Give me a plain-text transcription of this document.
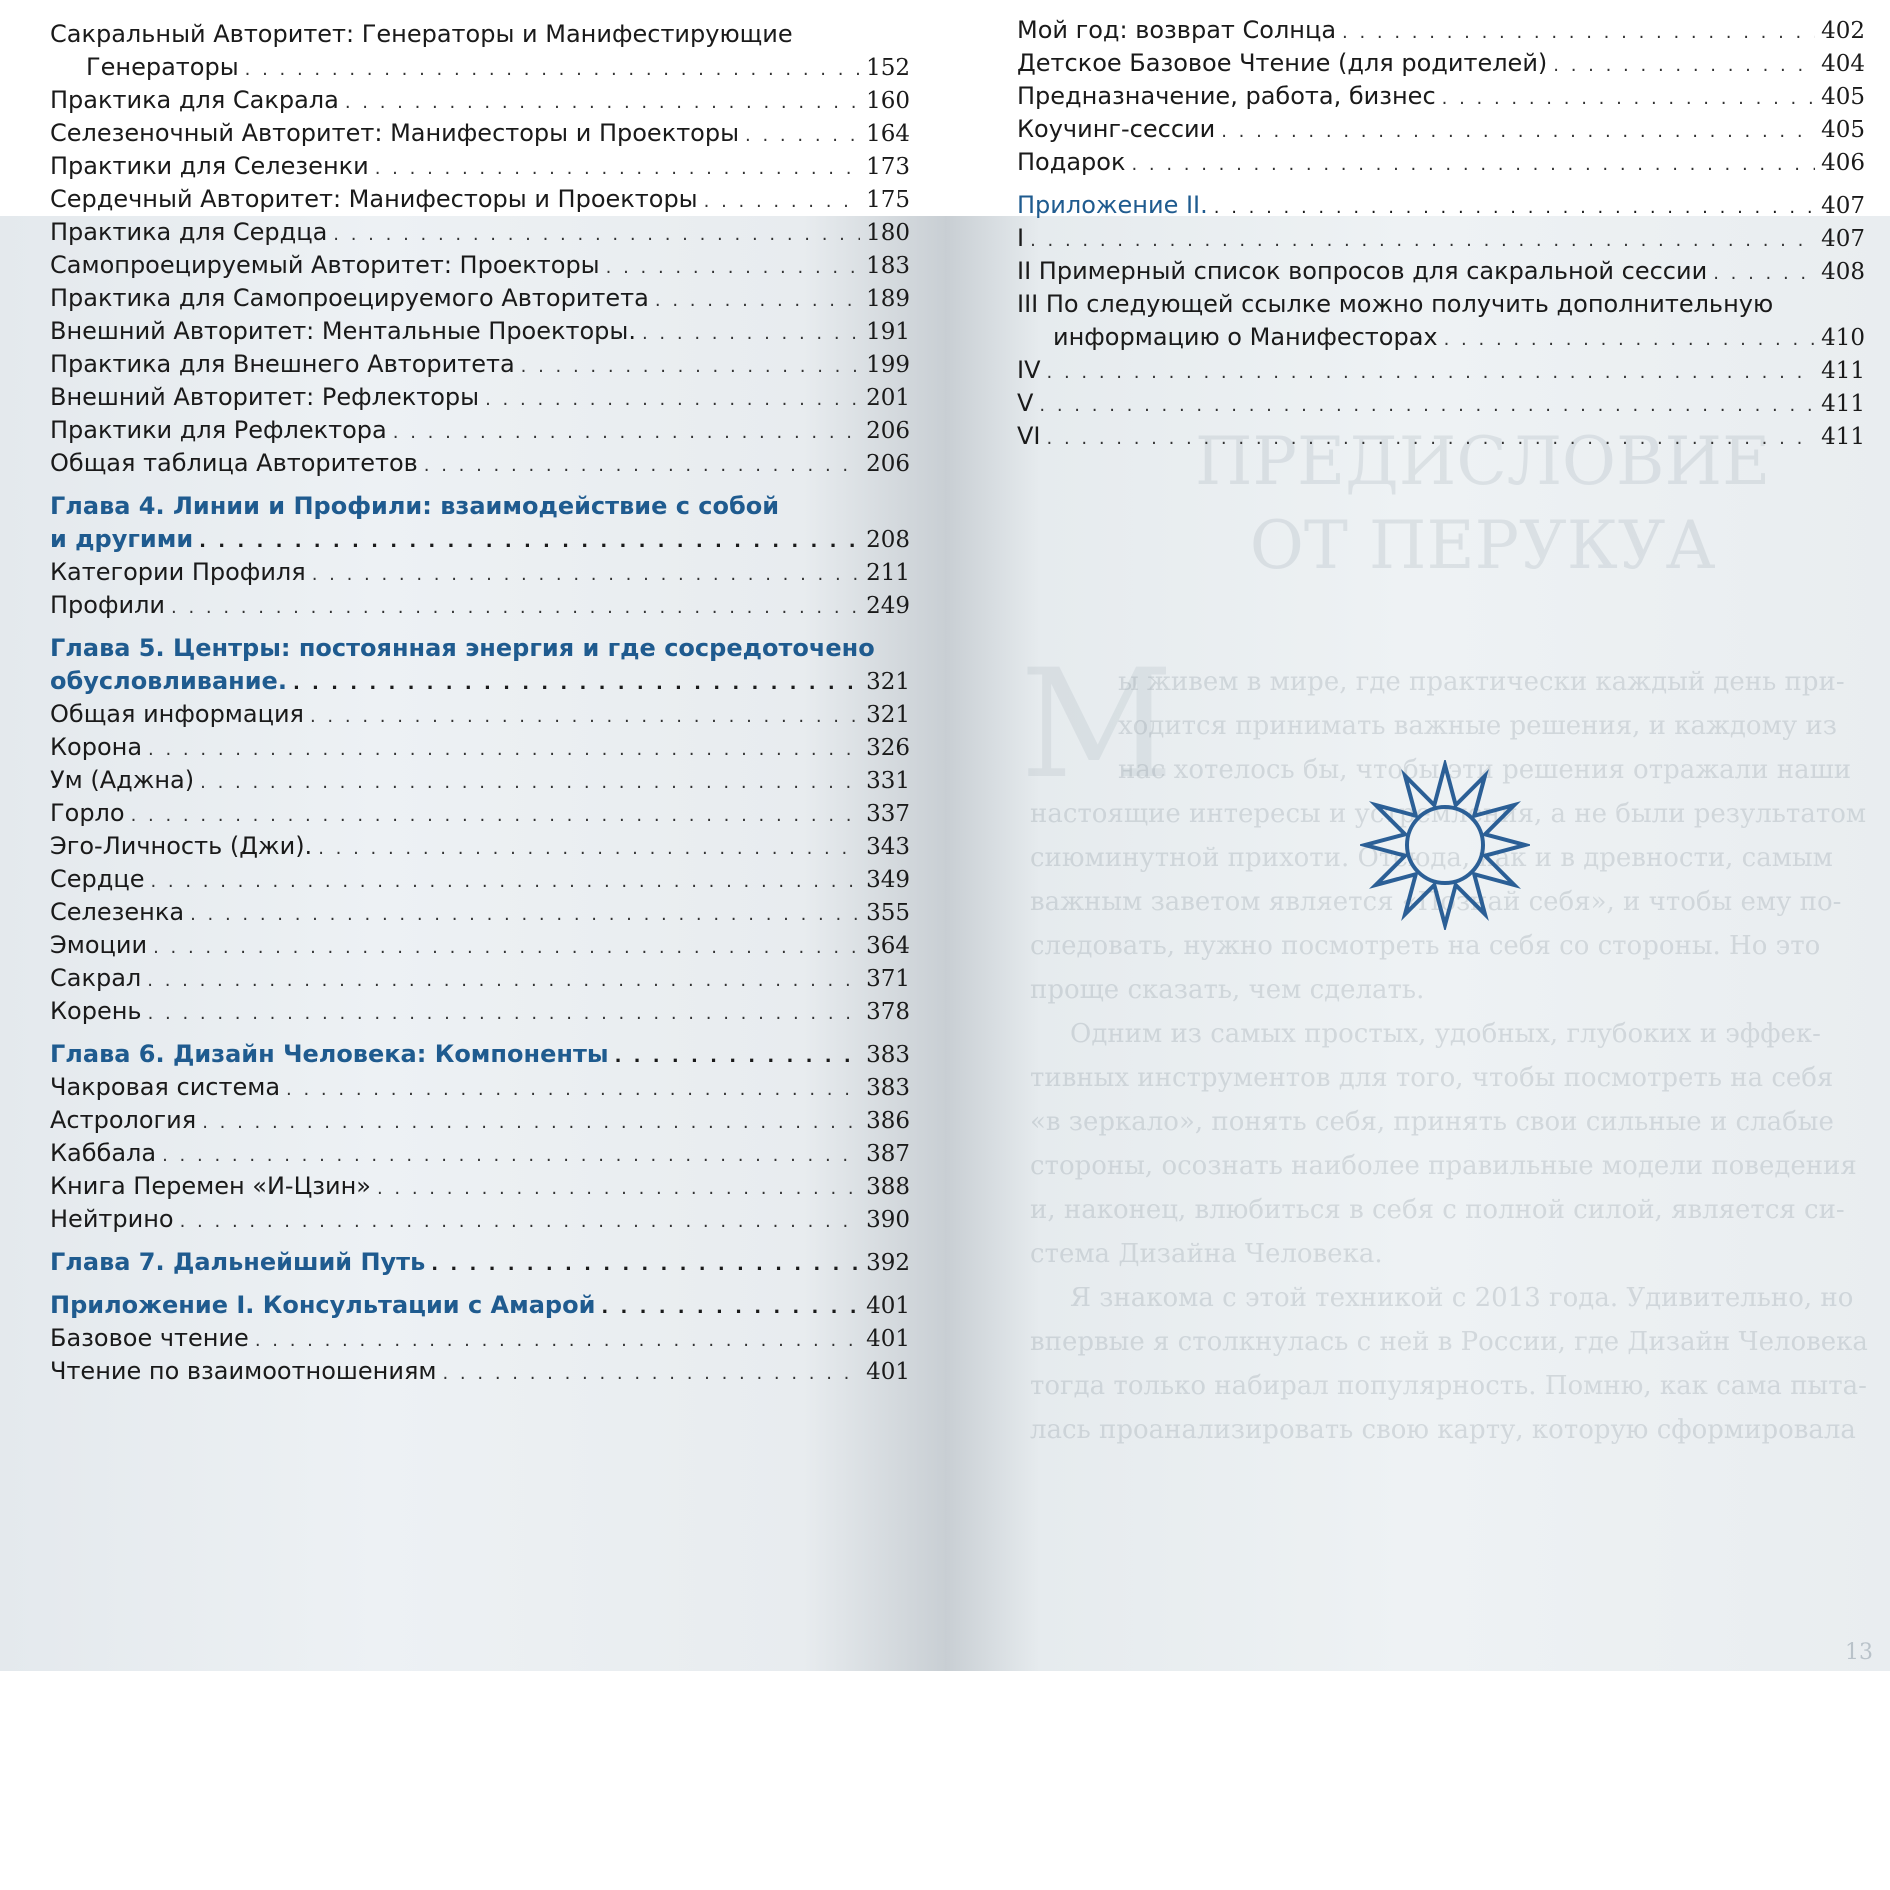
ПРЕДИСЛОВИЕ
ОТ ПЕРУКУА
М
ы живем в мире, где практически каждый день при-
ходится принимать важные решения, и каждому из
нас хотелось бы, чтобы эти решения отражали наши
настоящие интересы и устремления, а не были результатом
сиюминутной прихоти. Отсюда, как и в древности, самым
важным заветом является «Познай себя», и чтобы ему по-
следовать, нужно посмотреть на себя со стороны. Но это
проще сказать, чем сделать.
Одним из самых простых, удобных, глубоких и эффек-
тивных инструментов для того, чтобы посмотреть на себя
«в зеркало», понять себя, принять свои сильные и слабые
стороны, осознать наиболее правильные модели поведения
и, наконец, влюбиться в себя с полной силой, является си-
стема Дизайна Человека.
Я знакома с этой техникой с 2013 года. Удивительно, но
впервые я столкнулась с ней в России, где Дизайн Человека
тогда только набирал популярность. Помню, как сама пыта-
лась проанализировать свою карту, которую сформировала
13
Сакральный Авторитет: Генераторы и Манифестирующие
Генераторы . . .	152
Практика для Сакрала . . .	160
Селезеночный Авторитет: Манифесторы и Проекторы . . .	164
Практики для Селезенки . . .	173
Сердечный Авторитет: Манифесторы и Проекторы . . .	175
Практика для Сердца . . .	180
Самопроецируемый Авторитет: Проекторы . . .	183
Практика для Самопроецируемого Авторитета . . .	189
Внешний Авторитет: Ментальные Проекторы. . . .	191
Практика для Внешнего Авторитета . . .	199
Внешний Авторитет: Рефлекторы . . .	201
Практики для Рефлектора . . .	206
Общая таблица Авторитетов . . .	206
Глава 4. Линии и Профили: взаимодействие с собой
и другими . . .	208
Категории Профиля . . .	211
Профили . . .	249
Глава 5. Центры: постоянная энергия и где сосредоточено
обусловливание. . . .	321
Общая информация . . .	321
Корона . . .	326
Ум (Аджна) . . .	331
Горло . . .	337
Эго-Личность (Джи). . . .	343
Сердце . . .	349
Селезенка . . .	355
Эмоции . . .	364
Сакрал . . .	371
Корень . . .	378
Глава 6. Дизайн Человека: Компоненты . . .	383
Чакровая система . . .	383
Астрология . . .	386
Каббала . . .	387
Книга Перемен «И-Цзин» . . .	388
Нейтрино . . .	390
Глава 7. Дальнейший Путь . . .	392
Приложение I. Консультации с Амарой . . .	401
Базовое чтение . . .	401
Чтение по взаимоотношениям . . .	401
Мой год: возврат Солнца . . .	402
Детское Базовое Чтение (для родителей) . . .	404
Предназначение, работа, бизнес . . .	405
Коучинг-сессии . . .	405
Подарок . . .	406
Приложение II. . . .	407
I . . .	407
II Примерный список вопросов для сакральной сессии . . .	408
III По следующей ссылке можно получить дополнительную
информацию о Манифесторах . . .	410
IV . . .	411
V . . .	411
VI . . .	411
